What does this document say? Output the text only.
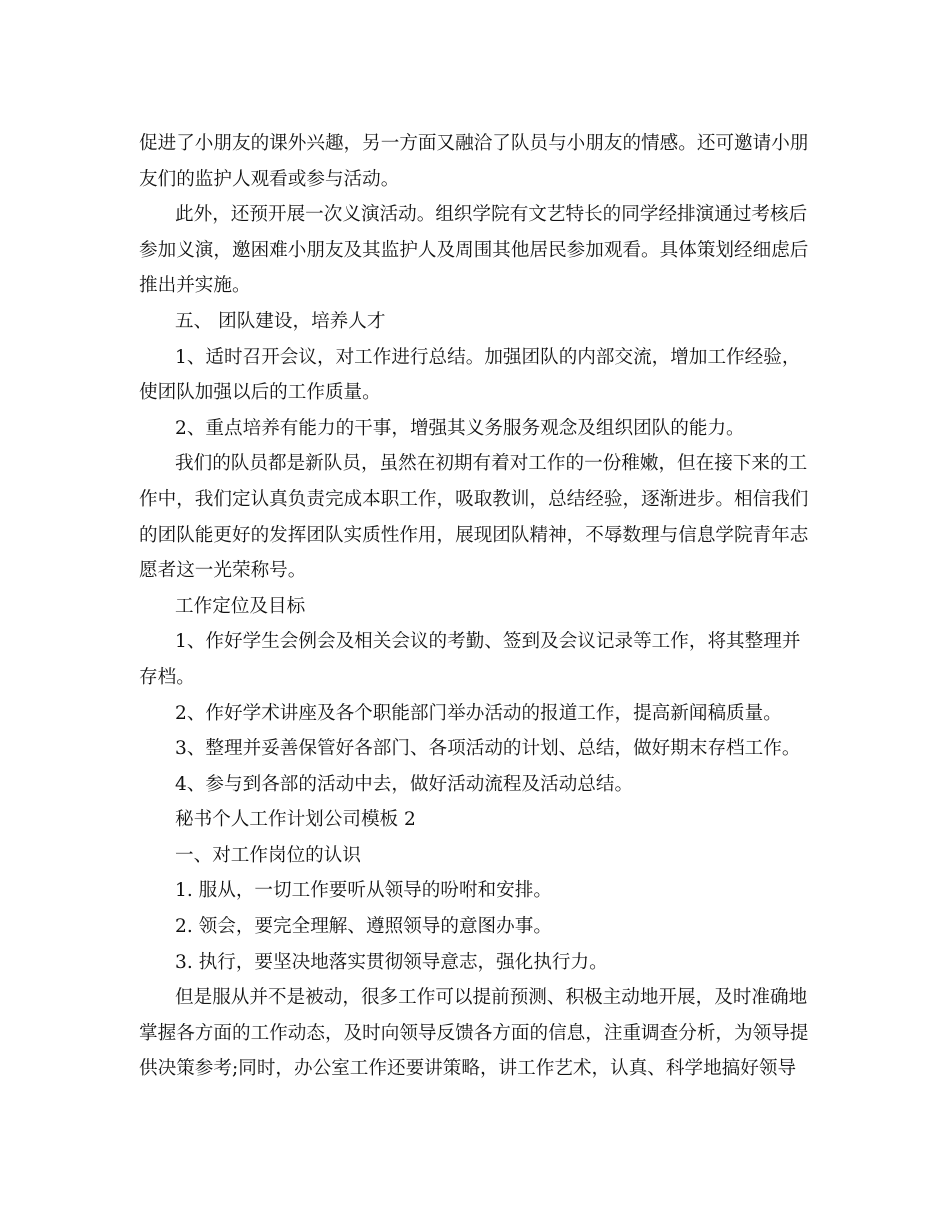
促进了小朋友的课外兴趣，另一方面又融洽了队员与小朋友的情感。还可邀请小朋

友们的监护人观看或参与活动。

此外，还预开展一次义演活动。组织学院有文艺特长的同学经排演通过考核后

参加义演，邀困难小朋友及其监护人及周围其他居民参加观看。具体策划经细虑后

推出并实施。

五、 团队建设，培养人才

1、适时召开会议，对工作进行总结。加强团队的内部交流，增加工作经验，

使团队加强以后的工作质量。

2、重点培养有能力的干事，增强其义务服务观念及组织团队的能力。

我们的队员都是新队员，虽然在初期有着对工作的一份稚嫩，但在接下来的工

作中，我们定认真负责完成本职工作，吸取教训，总结经验，逐渐进步。相信我们

的团队能更好的发挥团队实质性作用，展现团队精神，不辱数理与信息学院青年志

愿者这一光荣称号。

工作定位及目标

1、作好学生会例会及相关会议的考勤、签到及会议记录等工作，将其整理并

存档。

2、作好学术讲座及各个职能部门举办活动的报道工作，提高新闻稿质量。

3、整理并妥善保管好各部门、各项活动的计划、总结，做好期末存档工作。

4、参与到各部的活动中去，做好活动流程及活动总结。

秘书个人工作计划公司模板 2

一、对工作岗位的认识

1. 服从，一切工作要听从领导的吩咐和安排。

2. 领会，要完全理解、遵照领导的意图办事。

3. 执行，要坚决地落实贯彻领导意志，强化执行力。

但是服从并不是被动，很多工作可以提前预测、积极主动地开展，及时准确地

掌握各方面的工作动态，及时向领导反馈各方面的信息，注重调查分析，为领导提

供决策参考;同时，办公室工作还要讲策略，讲工作艺术，认真、科学地搞好领导
